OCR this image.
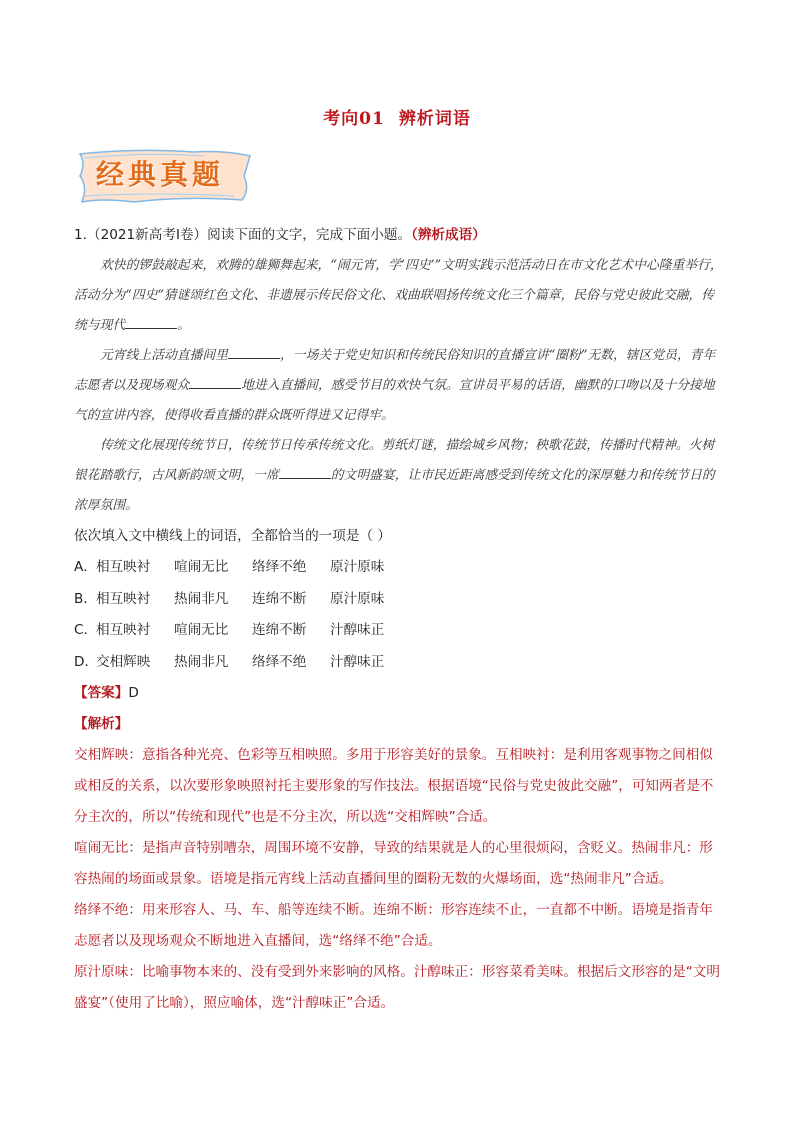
考向01 辨析词语
经典真题
1.（2021新高考I卷）阅读下面的文字，完成下面小题。（辨析成语）

欢快的锣鼓敲起来，欢腾的雄狮舞起来，“闹元宵，学‘四史’”文明实践示范活动日在市文化艺术中心隆重举行，活动分为“四史”猜谜颂红色文化、非遗展示传民俗文化、戏曲联唱扬传统文化三个篇章，民俗与党史彼此交融，传统与现代	。

元宵线上活动直播间里	，一场关于党史知识和传统民俗知识的直播宣讲“圈粉”无数，辖区党员，青年志愿者以及现场观众	地进入直播间，感受节目的欢快气氛。宣讲员平易的话语，幽默的口吻以及十分接地气的宣讲内容，使得收看直播的群众既听得进又记得牢。

传统文化展现传统节日，传统节日传承传统文化。剪纸灯谜，描绘城乡风物；秧歌花鼓，传播时代精神。火树银花踏歌行，古风新韵颂文明，一席	的文明盛宴，让市民近距离感受到传统文化的深厚魅力和传统节日的浓厚氛围。

依次填入文中横线上的词语，全都恰当的一项是（ ）
A．相互映衬 喧闹无比 络绎不绝 原汁原味
B．相互映衬 热闹非凡 连绵不断 原汁原味
C．相互映衬 喧闹无比 连绵不断 汁醇味正
D．交相辉映 热闹非凡 络绎不绝 汁醇味正
【答案】D
【解析】

交相辉映：意指各种光亮、色彩等互相映照。多用于形容美好的景象。互相映衬：是利用客观事物之间相似或相反的关系，以次要形象映照衬托主要形象的写作技法。根据语境“民俗与党史彼此交融”，可知两者是不分主次的，所以“传统和现代”也是不分主次，所以选“交相辉映”合适。

喧闹无比：是指声音特别嘈杂，周围环境不安静，导致的结果就是人的心里很烦闷，含贬义。热闹非凡：形容热闹的场面或景象。语境是指元宵线上活动直播间里的圈粉无数的火爆场面，选“热闹非凡”合适。

络绎不绝：用来形容人、马、车、船等连续不断。连绵不断：形容连续不止，一直都不中断。语境是指青年志愿者以及现场观众不断地进入直播间，选“络绎不绝”合适。

原汁原味：比喻事物本来的、没有受到外来影响的风格。汁醇味正：形容菜肴美味。根据后文形容的是“文明盛宴”（使用了比喻），照应喻体，选“汁醇味正”合适。
